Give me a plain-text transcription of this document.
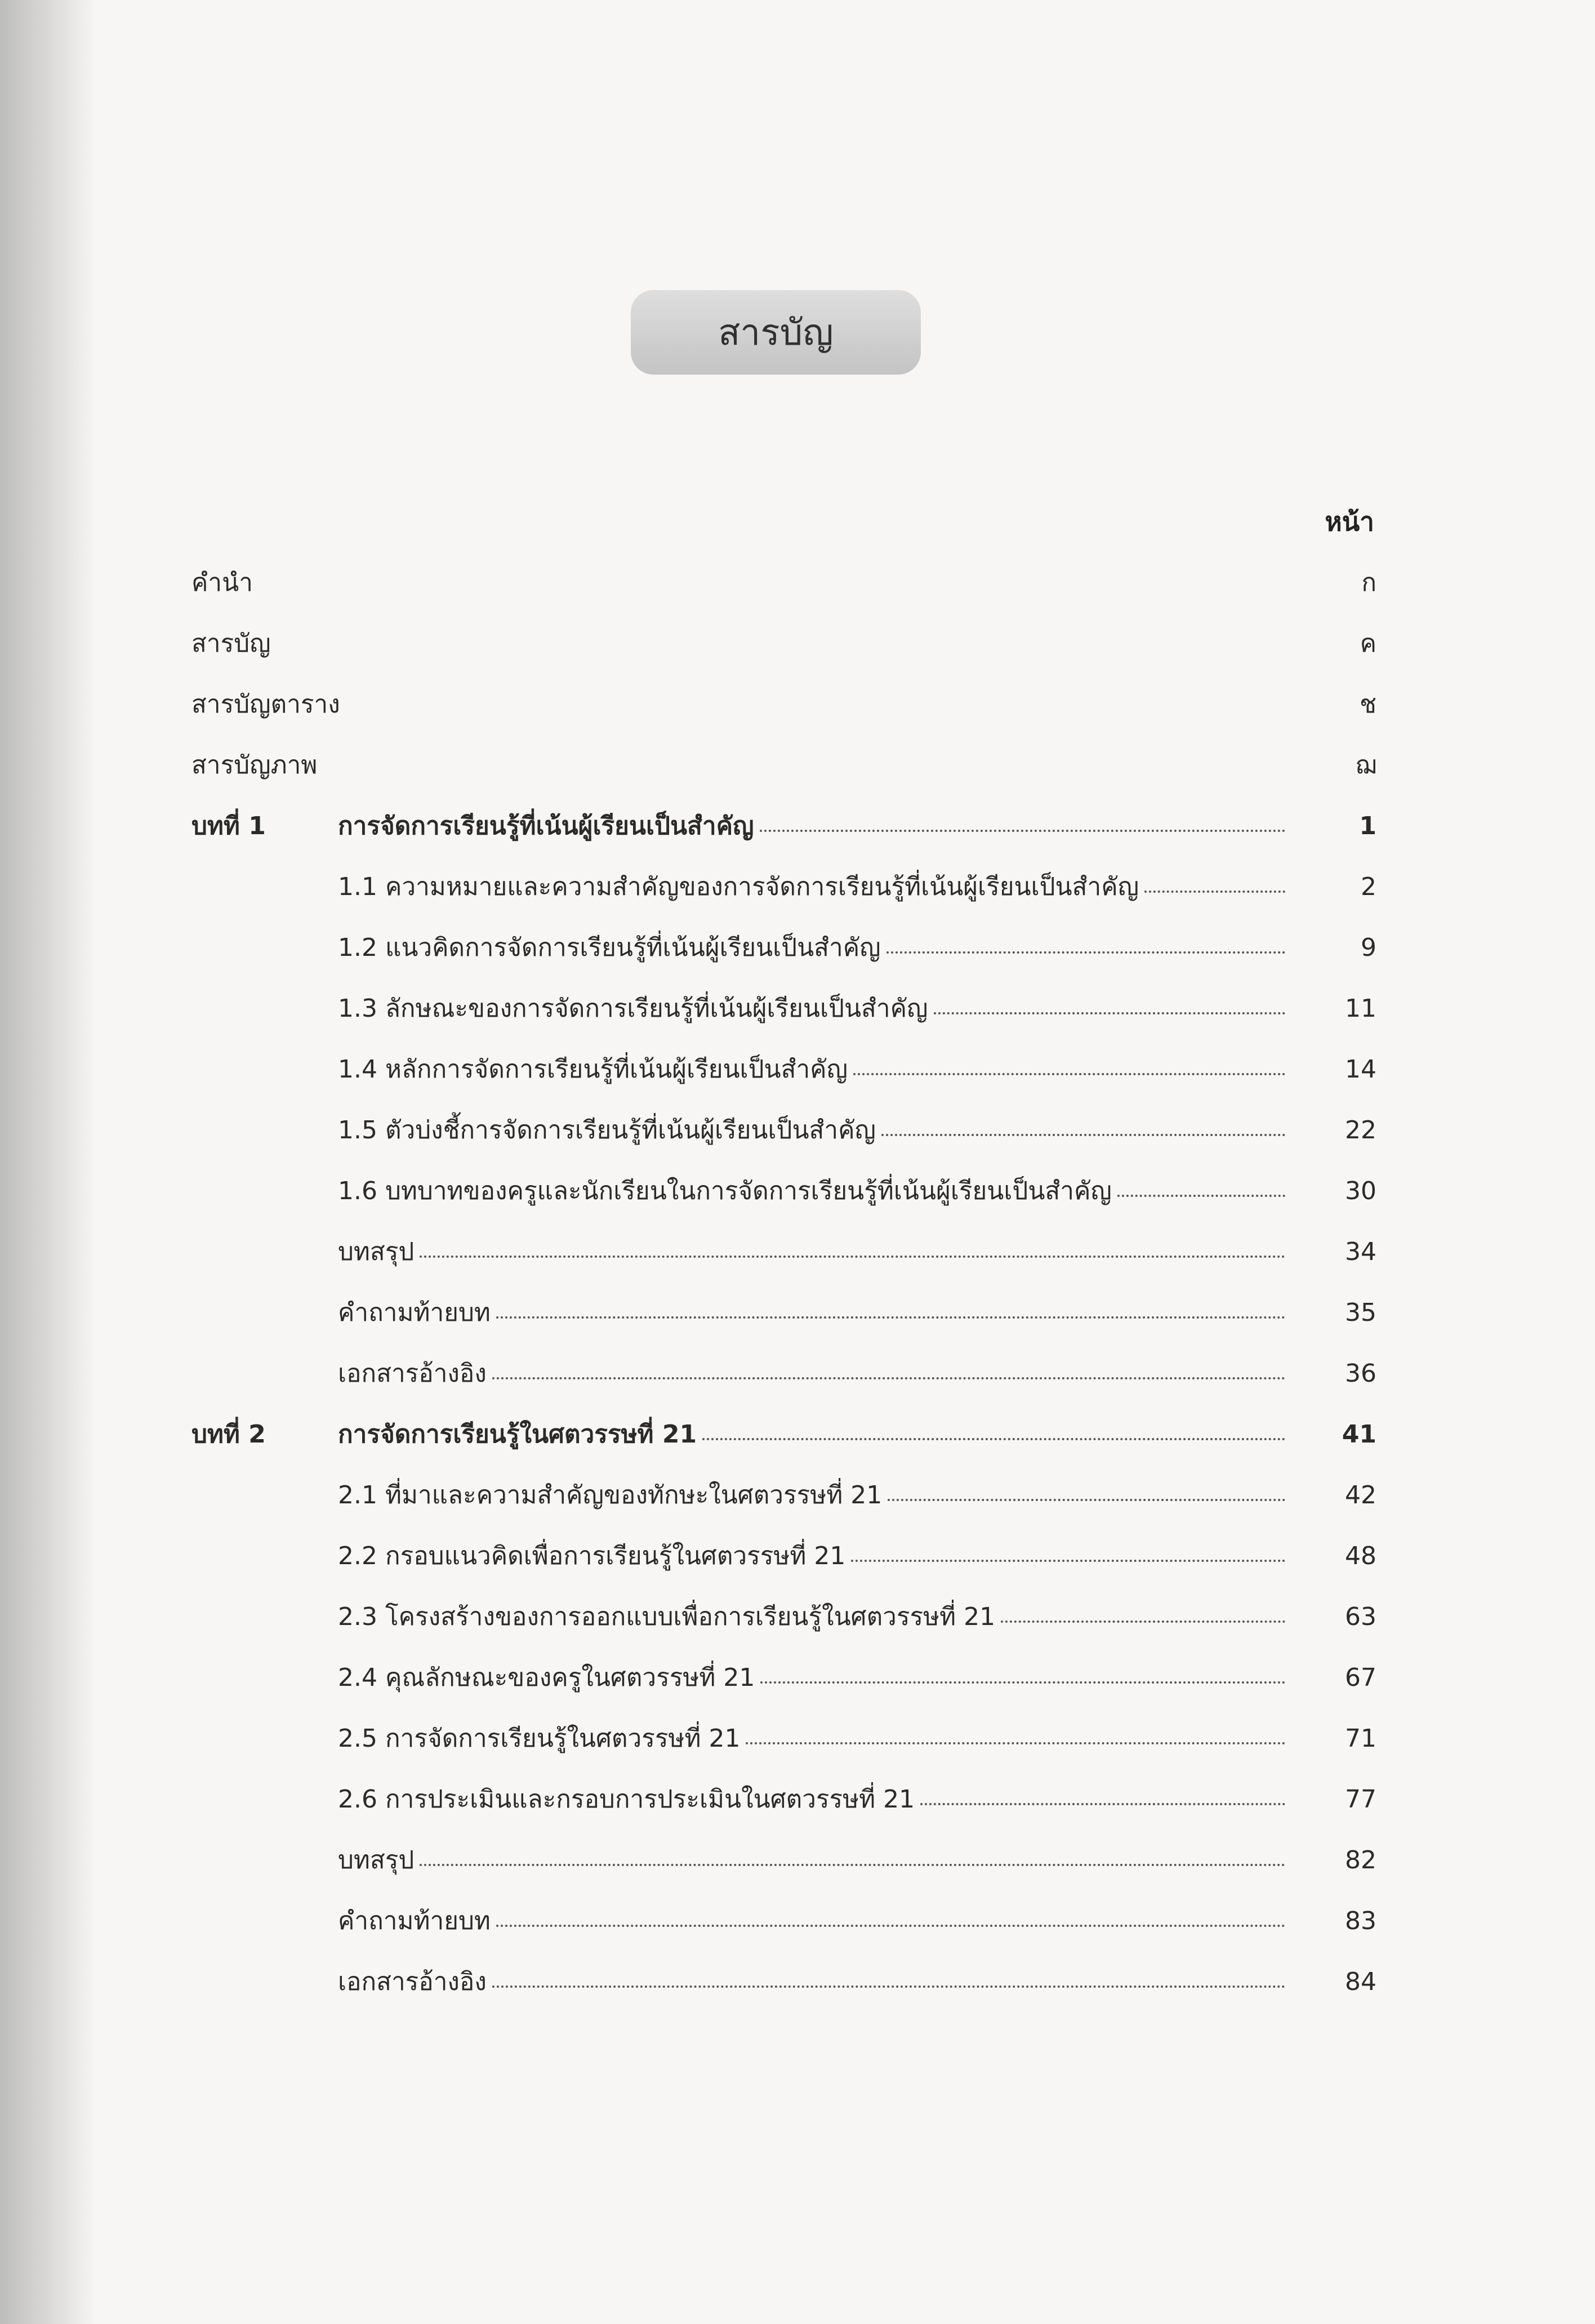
สารบัญ
หน้า
คำนำ	ก
สารบัญ	ค
สารบัญตาราง	ช
สารบัญภาพ	ฌ
บทที่ 1	การจัดการเรียนรู้ที่เน้นผู้เรียนเป็นสำคัญ	1
1.1 ความหมายและความสำคัญของการจัดการเรียนรู้ที่เน้นผู้เรียนเป็นสำคัญ	2
1.2 แนวคิดการจัดการเรียนรู้ที่เน้นผู้เรียนเป็นสำคัญ	9
1.3 ลักษณะของการจัดการเรียนรู้ที่เน้นผู้เรียนเป็นสำคัญ	11
1.4 หลักการจัดการเรียนรู้ที่เน้นผู้เรียนเป็นสำคัญ	14
1.5 ตัวบ่งชี้การจัดการเรียนรู้ที่เน้นผู้เรียนเป็นสำคัญ	22
1.6 บทบาทของครูและนักเรียนในการจัดการเรียนรู้ที่เน้นผู้เรียนเป็นสำคัญ	30
บทสรุป	34
คำถามท้ายบท	35
เอกสารอ้างอิง	36
บทที่ 2	การจัดการเรียนรู้ในศตวรรษที่ 21	41
2.1 ที่มาและความสำคัญของทักษะในศตวรรษที่ 21	42
2.2 กรอบแนวคิดเพื่อการเรียนรู้ในศตวรรษที่ 21	48
2.3 โครงสร้างของการออกแบบเพื่อการเรียนรู้ในศตวรรษที่ 21	63
2.4 คุณลักษณะของครูในศตวรรษที่ 21	67
2.5 การจัดการเรียนรู้ในศตวรรษที่ 21	71
2.6 การประเมินและกรอบการประเมินในศตวรรษที่ 21	77
บทสรุป	82
คำถามท้ายบท	83
เอกสารอ้างอิง	84
